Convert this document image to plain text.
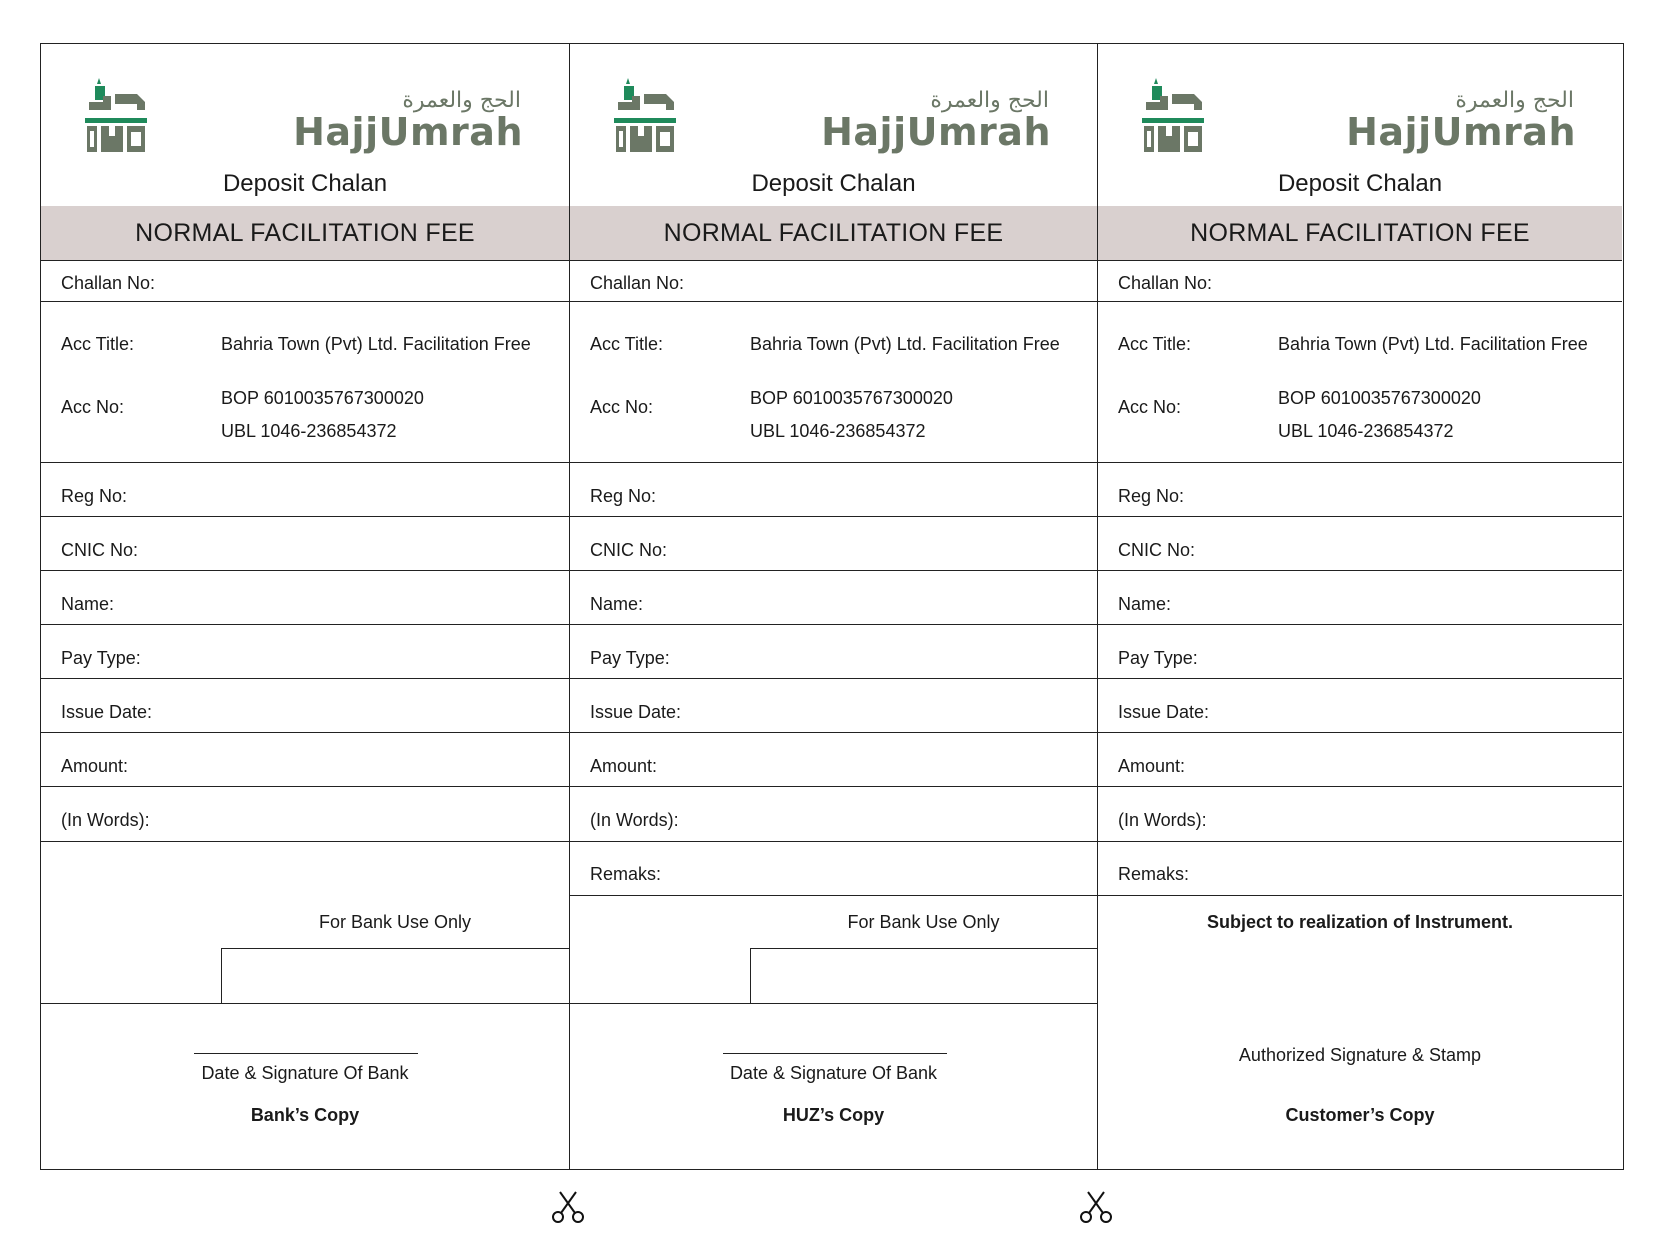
الحج والعمرة
HajjUmrah
Deposit Chalan
NORMAL FACILITATION FEE
Challan No:
Acc Title:	Bahria Town (Pvt) Ltd. Facilitation Free
Acc No:	BOP 6010035767300020
UBL 1046-236854372
Reg No:
CNIC No:
Name:
Pay Type:
Issue Date:
Amount:
(In Words):
For Bank Use Only
Date & Signature Of Bank
Bank’s Copy
الحج والعمرة
HajjUmrah
Deposit Chalan
NORMAL FACILITATION FEE
Challan No:
Acc Title:	Bahria Town (Pvt) Ltd. Facilitation Free
Acc No:	BOP 6010035767300020
UBL 1046-236854372
Reg No:
CNIC No:
Name:
Pay Type:
Issue Date:
Amount:
(In Words):
Remaks:
For Bank Use Only
Date & Signature Of Bank
HUZ’s Copy
الحج والعمرة
HajjUmrah
Deposit Chalan
NORMAL FACILITATION FEE
Challan No:
Acc Title:	Bahria Town (Pvt) Ltd. Facilitation Free
Acc No:	BOP 6010035767300020
UBL 1046-236854372
Reg No:
CNIC No:
Name:
Pay Type:
Issue Date:
Amount:
(In Words):
Remaks:
Subject to realization of Instrument.
Authorized Signature & Stamp
Customer’s Copy
